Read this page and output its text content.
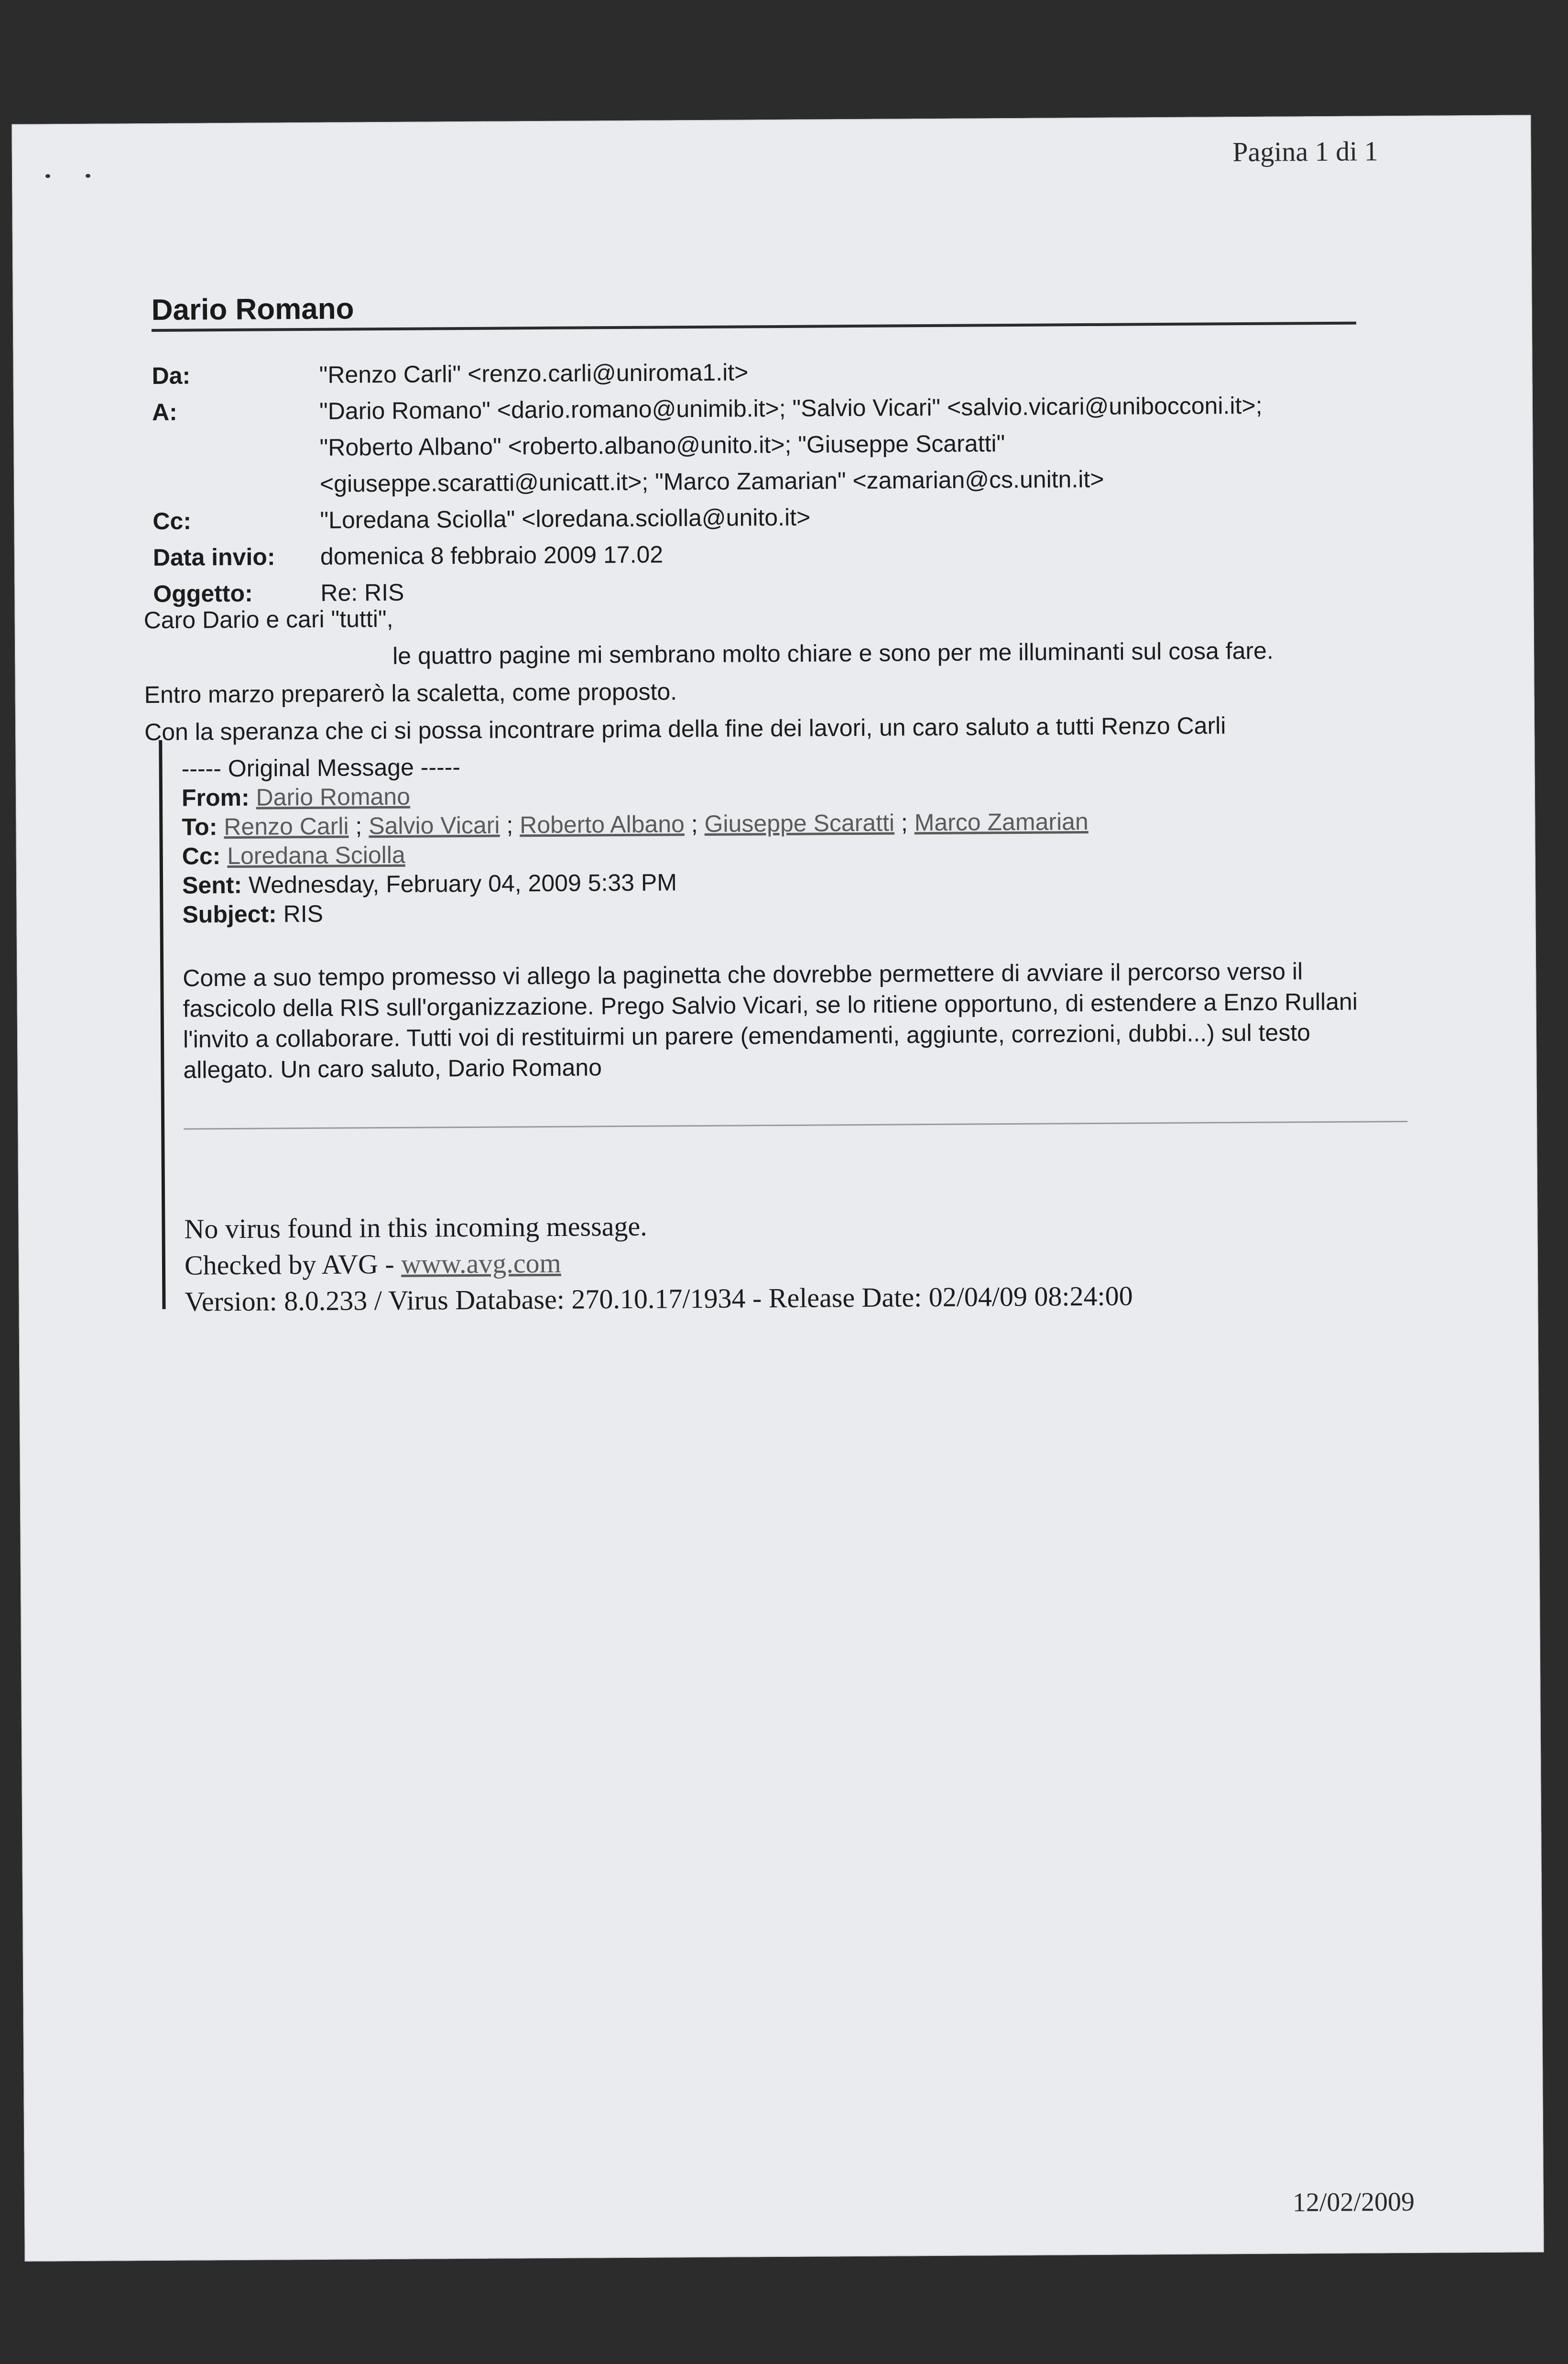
Pagina 1 di 1
Dario Romano
Da:	"Renzo Carli" <renzo.carli@uniroma1.it>
A:	"Dario Romano" <dario.romano@unimib.it>; "Salvio Vicari" <salvio.vicari@unibocconi.it>;
"Roberto Albano" <roberto.albano@unito.it>; "Giuseppe Scaratti"
<giuseppe.scaratti@unicatt.it>; "Marco Zamarian" <zamarian@cs.unitn.it>
Cc:	"Loredana Sciolla" <loredana.sciolla@unito.it>
Data invio:	domenica 8 febbraio 2009 17.02
Oggetto:	Re: RIS
Caro Dario e cari "tutti",
le quattro pagine mi sembrano molto chiare e sono per me illuminanti sul cosa fare.
Entro marzo preparerò la scaletta, come proposto.
Con la speranza che ci si possa incontrare prima della fine dei lavori, un caro saluto a tutti Renzo Carli
----- Original Message -----
From: Dario Romano
To: Renzo Carli ; Salvio Vicari ; Roberto Albano ; Giuseppe Scaratti ; Marco Zamarian
Cc: Loredana Sciolla
Sent: Wednesday, February 04, 2009 5:33 PM
Subject: RIS
Come a suo tempo promesso vi allego la paginetta che dovrebbe permettere di avviare il percorso verso il fascicolo della RIS sull'organizzazione. Prego Salvio Vicari, se lo ritiene opportuno, di estendere a Enzo Rullani l'invito a collaborare. Tutti voi di restituirmi un parere (emendamenti, aggiunte, correzioni, dubbi...) sul testo allegato. Un caro saluto, Dario Romano
No virus found in this incoming message.
Checked by AVG - www.avg.com
Version: 8.0.233 / Virus Database: 270.10.17/1934 - Release Date: 02/04/09 08:24:00
12/02/2009
